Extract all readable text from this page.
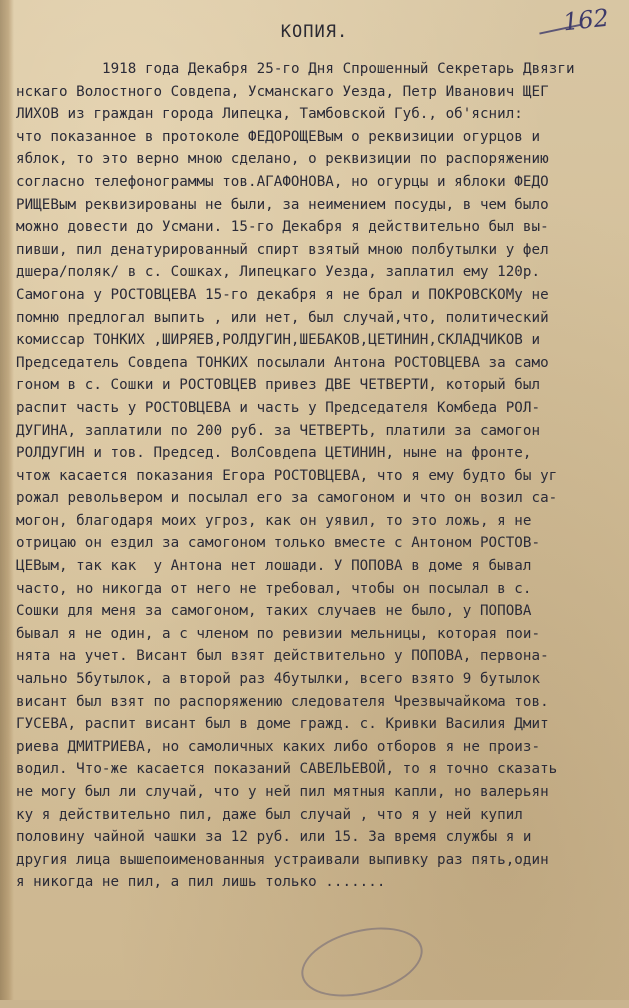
162
КОПИЯ.
1918 года Декабря 25-го Дня Спрошенный Секретарь Двязги
нскаго Волостного Совдепа, Усманскаго Уезда, Петр Иванович ЩЕГ
ЛИХОВ из граждан города Липецка, Тамбовской Губ., об'яснил:
что показанное в протоколе ФЕДОРОЩЕВым о реквизиции огурцов и
яблок, то это верно мною сделано, о реквизиции по распоряжению
согласно телефонограммы тов.АГАФОНОВА, но огурцы и яблоки ФЕДО
РИЩЕВым реквизированы не были, за неимением посуды, в чем было
можно довести до Усмани. 15-го Декабря я действительно был вы-
пивши, пил денатурированный спирт взятый мною полбутылки у фел
дшера/поляк/ в с. Сошках, Липецкаго Уезда, заплатил ему 120р.
Самогона у РОСТОВЦЕВА 15-го декабря я не брал и ПОКРОВСКОМу не
помню предлогал выпить , или нет, был случай,что, политический
комиссар ТОНКИХ ,ШИРЯЕВ,РОЛДУГИН,ШЕБАКОВ,ЦЕТИНИН,СКЛАДЧИКОВ и
Председатель Совдепа ТОНКИХ посылали Антона РОСТОВЦЕВА за само
гоном в с. Сошки и РОСТОВЦЕВ привез ДВЕ ЧЕТВЕРТИ, который был
распит часть у РОСТОВЦЕВА и часть у Председателя Комбеда РОЛ-
ДУГИНА, заплатили по 200 руб. за ЧЕТВЕРТЬ, платили за самогон
РОЛДУГИН и тов. Председ. ВолСовдепа ЦЕТИНИН, ныне на фронте,
чтож касается показания Егора РОСТОВЦЕВА, что я ему будто бы уг
рожал револьвером и посылал его за самогоном и что он возил са-
могон, благодаря моих угроз, как он уявил, то это ложь, я не
отрицаю он ездил за самогоном только вместе с Антоном РОСТОВ-
ЦЕВым, так как  у Антона нет лошади. У ПОПОВА в доме я бывал
часто, но никогда от него не требовал, чтобы он посылал в с.
Сошки для меня за самогоном, таких случаев не было, у ПОПОВА
бывал я не один, а с членом по ревизии мельницы, которая пои-
нята на учет. Висант был взят действительно у ПОПОВА, первона-
чально 5бутылок, а второй раз 4бутылки, всего взято 9 бутылок
висант был взят по распоряжению следователя Чрезвычайкома тов.
ГУСЕВА, распит висант был в доме гражд. с. Кривки Василия Дмит
риева ДМИТРИЕВА, но самоличных каких либо отборов я не произ-
водил. Что-же касается показаний САВЕЛЬЕВОЙ, то я точно сказать
не могу был ли случай, что у ней пил мятныя капли, но валерьян
ку я действительно пил, даже был случай , что я у ней купил
половину чайной чашки за 12 руб. или 15. За время службы я и
другия лица вышепоименованныя устраивали выпивку раз пять,один
я никогда не пил, а пил лишь только .......
